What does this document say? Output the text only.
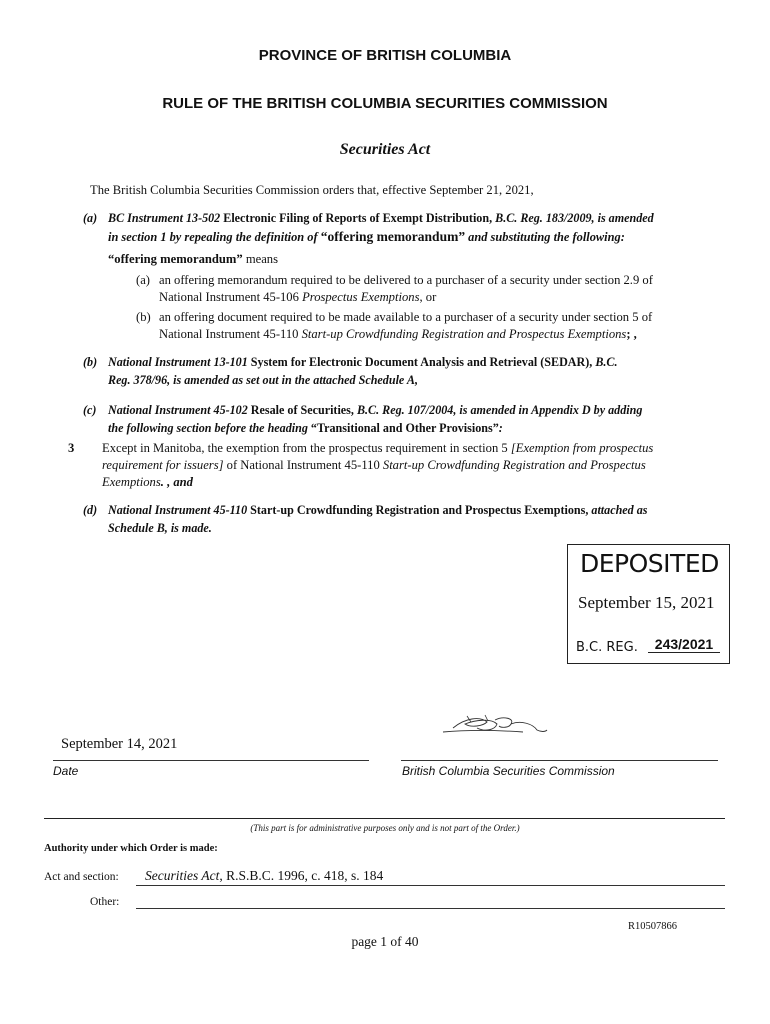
PROVINCE OF BRITISH COLUMBIA
RULE OF THE BRITISH COLUMBIA SECURITIES COMMISSION
Securities Act
The British Columbia Securities Commission orders that, effective September 21, 2021,
(a) BC Instrument 13-502 Electronic Filing of Reports of Exempt Distribution, B.C. Reg. 183/2009, is amended
in section 1 by repealing the definition of “offering memorandum” and substituting the following:
“offering memorandum” means
(a) an offering memorandum required to be delivered to a purchaser of a security under section 2.9 of
National Instrument 45-106 Prospectus Exemptions, or
(b) an offering document required to be made available to a purchaser of a security under section 5 of
National Instrument 45-110 Start-up Crowdfunding Registration and Prospectus Exemptions; ,
(b) National Instrument 13-101 System for Electronic Document Analysis and Retrieval (SEDAR), B.C.
Reg. 378/96, is amended as set out in the attached Schedule A,
(c) National Instrument 45-102 Resale of Securities, B.C. Reg. 107/2004, is amended in Appendix D by adding
the following section before the heading “Transitional and Other Provisions”:
3 Except in Manitoba, the exemption from the prospectus requirement in section 5 [Exemption from prospectus
requirement for issuers] of National Instrument 45-110 Start-up Crowdfunding Registration and Prospectus
Exemptions. , and
(d) National Instrument 45-110 Start-up Crowdfunding Registration and Prospectus Exemptions, attached as
Schedule B, is made.
DEPOSITED
September 15, 2021
B.C. REG.	243/2021
September 14, 2021
Date	British Columbia Securities Commission
(This part is for administrative purposes only and is not part of the Order.)
Authority under which Order is made:
Act and section: Securities Act, R.S.B.C. 1996, c. 418, s. 184
Other:
R10507866
page 1 of 40
